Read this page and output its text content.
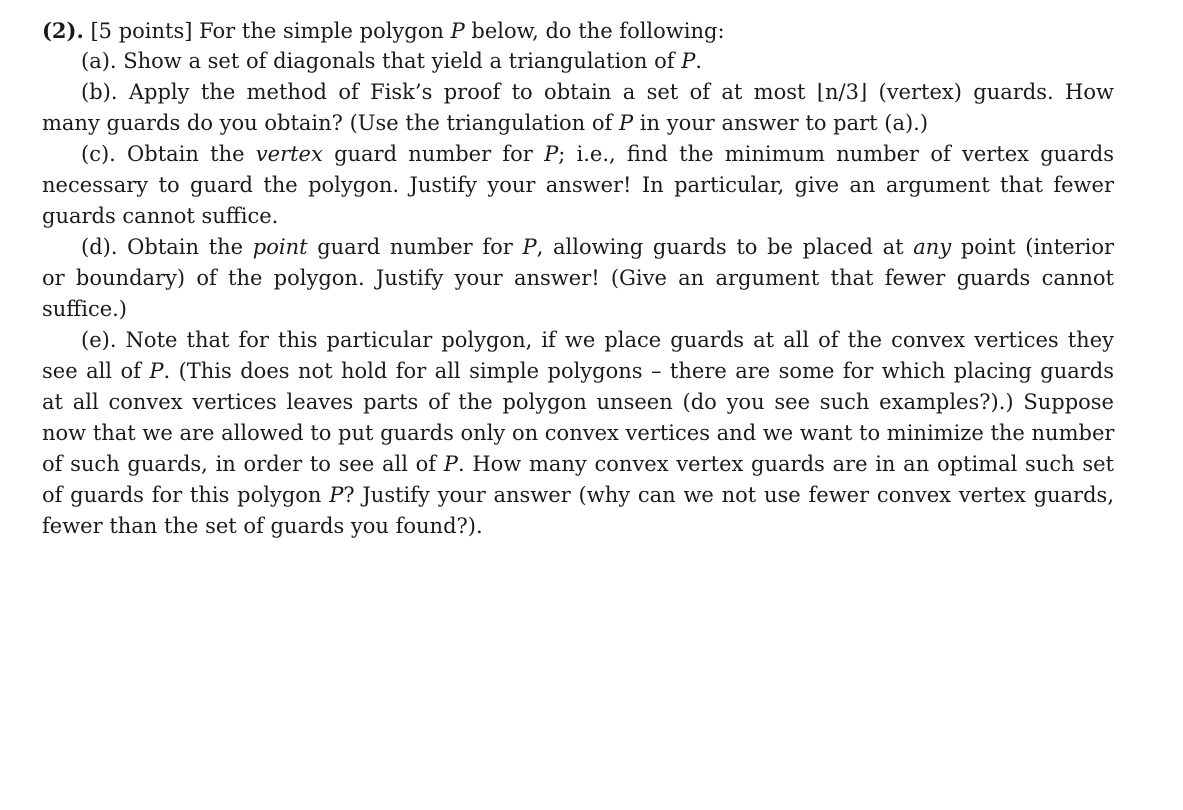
(2). [5 points] For the simple polygon P below, do the following:
(a). Show a set of diagonals that yield a triangulation of P.
(b). Apply the method of Fisk’s proof to obtain a set of at most ⌊n/3⌋ (vertex) guards. How
many guards do you obtain? (Use the triangulation of P in your answer to part (a).)
(c). Obtain the vertex guard number for P; i.e., find the minimum number of vertex guards
necessary to guard the polygon. Justify your answer! In particular, give an argument that fewer
guards cannot suffice.
(d). Obtain the point guard number for P, allowing guards to be placed at any point (interior
or boundary) of the polygon. Justify your answer! (Give an argument that fewer guards cannot
suffice.)
(e). Note that for this particular polygon, if we place guards at all of the convex vertices they
see all of P. (This does not hold for all simple polygons – there are some for which placing guards
at all convex vertices leaves parts of the polygon unseen (do you see such examples?).) Suppose
now that we are allowed to put guards only on convex vertices and we want to minimize the number
of such guards, in order to see all of P. How many convex vertex guards are in an optimal such set
of guards for this polygon P? Justify your answer (why can we not use fewer convex vertex guards,
fewer than the set of guards you found?).
